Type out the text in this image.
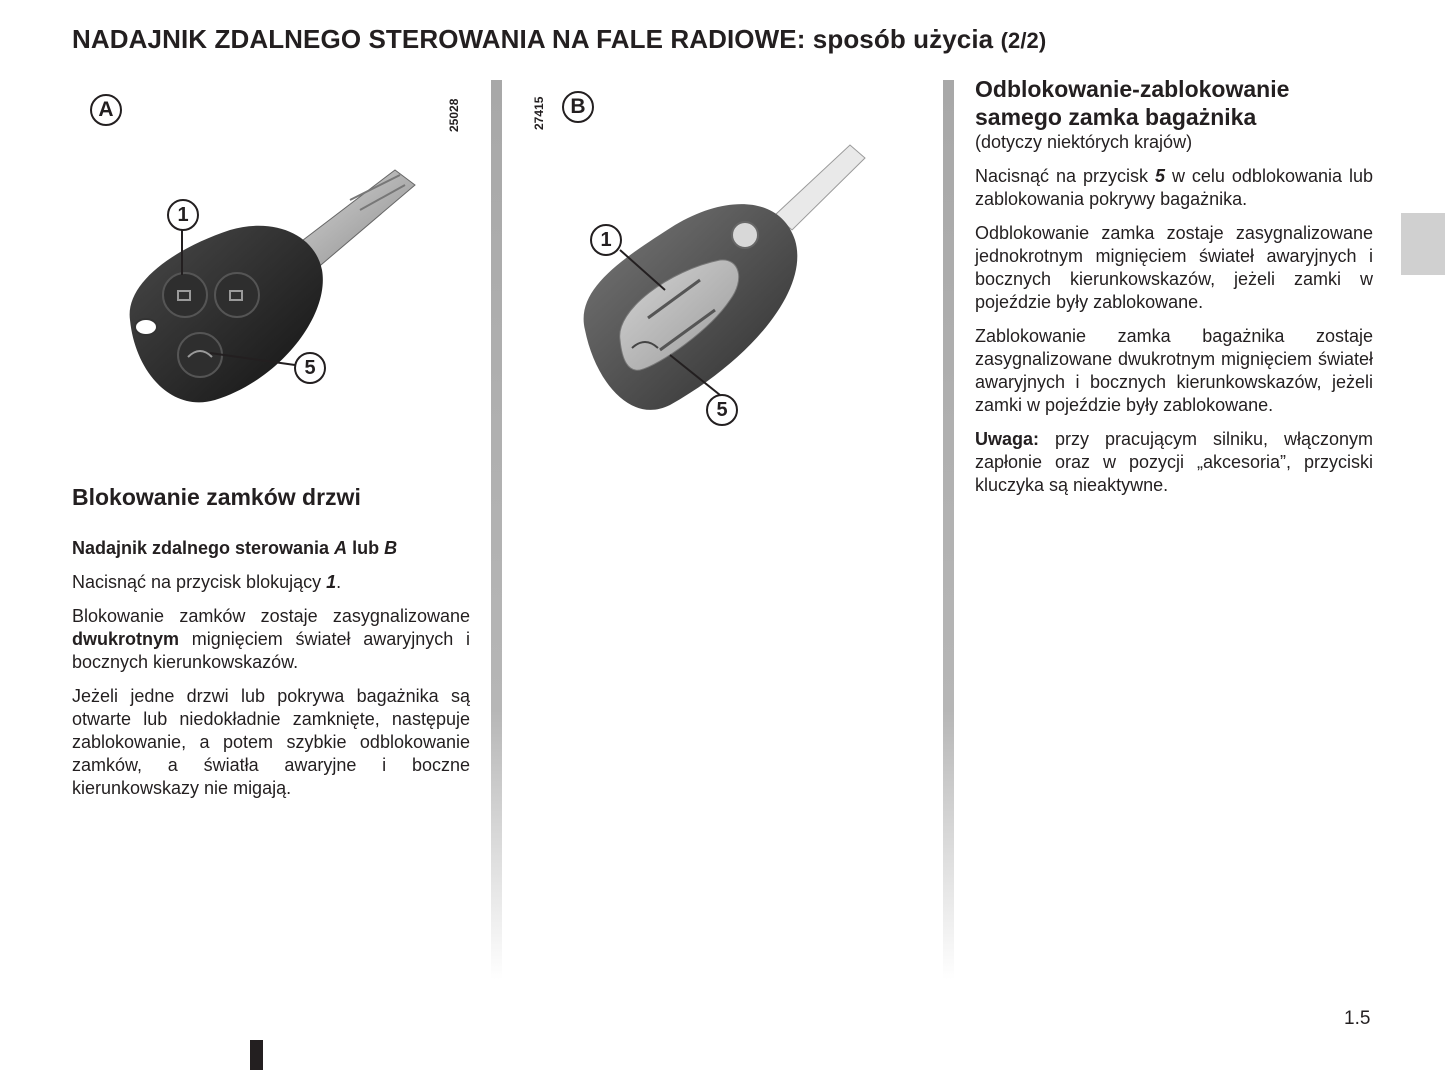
NADAJNIK ZDALNEGO STEROWANIA NA FALE RADIOWE: sposób użycia (2/2)
A	25028
1
5
27415	B
1
5
Blokowanie zamków drzwi

Nadajnik zdalnego sterowania A lub B

Nacisnąć na przycisk blokujący 1.

Blokowanie zamków zostaje zasygnalizowane dwukrotnym mignięciem świateł awaryjnych i bocznych kierunkowskazów.

Jeżeli jedne drzwi lub pokrywa bagażnika są otwarte lub niedokładnie zamknięte, następuje zablokowanie, a potem szybkie odblokowanie zamków, a światła awaryjne i boczne kierunkowskazy nie migają.

Odblokowanie-zablokowanie
samego zamka bagażnika

(dotyczy niektórych krajów)

Nacisnąć na przycisk 5 w celu odblokowania lub zablokowania pokrywy bagażnika.

Odblokowanie zamka zostaje zasygnalizowane jednokrotnym mignięciem świateł awaryjnych i bocznych kierunkowskazów, jeżeli zamki w pojeździe były zablokowane.

Zablokowanie zamka bagażnika zostaje zasygnalizowane dwukrotnym mignięciem świateł awaryjnych i bocznych kierunkowskazów, jeżeli zamki w pojeździe były zablokowane.

Uwaga: przy pracującym silniku, włączonym zapłonie oraz w pozycji „akcesoria”, przyciski kluczyka są nieaktywne.

1.5
